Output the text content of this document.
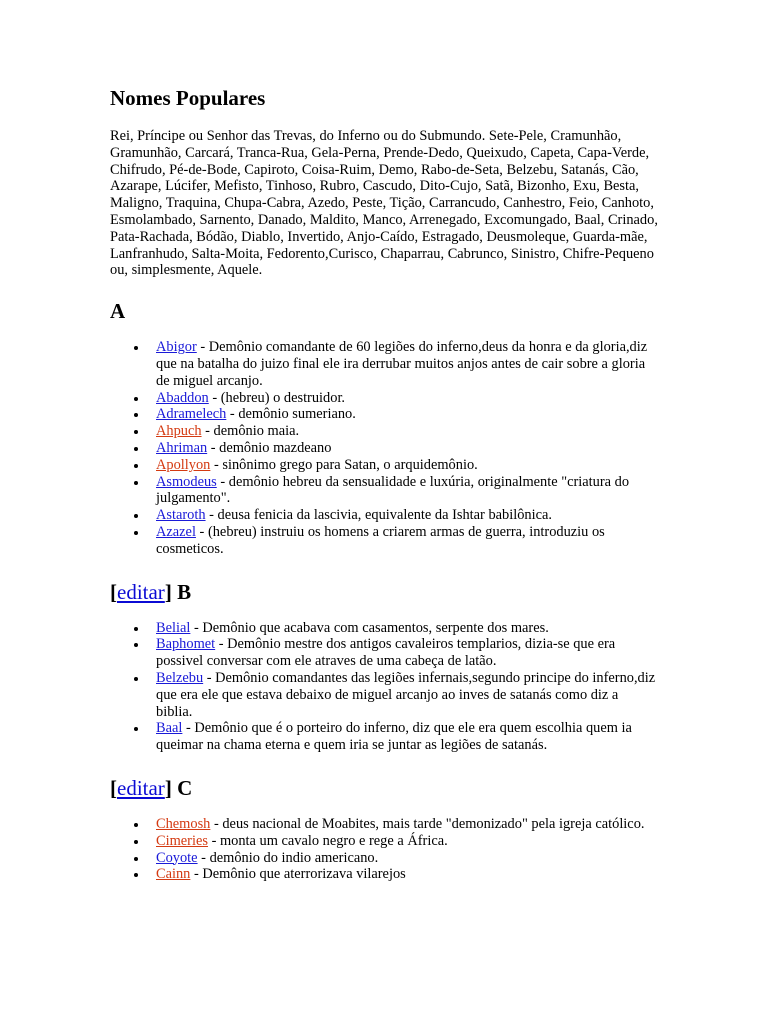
Nomes Populares

Rei, Príncipe ou Senhor das Trevas, do Inferno ou do Submundo. Sete-Pele, Cramunhão, Gramunhão, Carcará, Tranca-Rua, Gela-Perna, Prende-Dedo, Queixudo, Capeta, Capa-Verde, Chifrudo, Pé-de-Bode, Capiroto, Coisa-Ruim, Demo, Rabo-de-Seta, Belzebu, Satanás, Cão, Azarape, Lúcifer, Mefisto, Tinhoso, Rubro, Cascudo, Dito-Cujo, Satã, Bizonho, Exu, Besta, Maligno, Traquina, Chupa-Cabra, Azedo, Peste, Tição, Carrancudo, Canhestro, Feio, Canhoto, Esmolambado, Sarnento, Danado, Maldito, Manco, Arrenegado, Excomungado, Baal, Crinado, Pata-Rachada, Bódão, Diablo, Invertido, Anjo-Caído, Estragado, Deusmoleque, Guarda-mãe, Lanfranhudo, Salta-Moita, Fedorento,Curisco, Chaparrau, Cabrunco, Sinistro, Chifre-Pequeno ou, simplesmente, Aquele.

A
Abigor - Demônio comandante de 60 legiões do inferno,deus da honra e da gloria,diz que na batalha do juizo final ele ira derrubar muitos anjos antes de cair sobre a gloria de miguel arcanjo.
Abaddon - (hebreu) o destruidor.
Adramelech - demônio sumeriano.
Ahpuch - demônio maia.
Ahriman - demônio mazdeano
Apollyon - sinônimo grego para Satan, o arquidemônio.
Asmodeus - demônio hebreu da sensualidade e luxúria, originalmente "criatura do julgamento".
Astaroth - deusa fenicia da lascivia, equivalente da Ishtar babilônica.
Azazel - (hebreu) instruiu os homens a criarem armas de guerra, introduziu os cosmeticos.
[editar] B
Belial - Demônio que acabava com casamentos, serpente dos mares.
Baphomet - Demônio mestre dos antigos cavaleiros templarios, dizia-se que era possivel conversar com ele atraves de uma cabeça de latão.
Belzebu - Demônio comandantes das legiões infernais,segundo principe do inferno,diz que era ele que estava debaixo de miguel arcanjo ao inves de satanás como diz a biblia.
Baal - Demônio que é o porteiro do inferno, diz que ele era quem escolhia quem ia queimar na chama eterna e quem iria se juntar as legiões de satanás.
[editar] C
Chemosh - deus nacional de Moabites, mais tarde "demonizado" pela igreja católico.
Cimeries - monta um cavalo negro e rege a África.
Coyote - demônio do indio americano.
Cainn - Demônio que aterrorizava vilarejos
